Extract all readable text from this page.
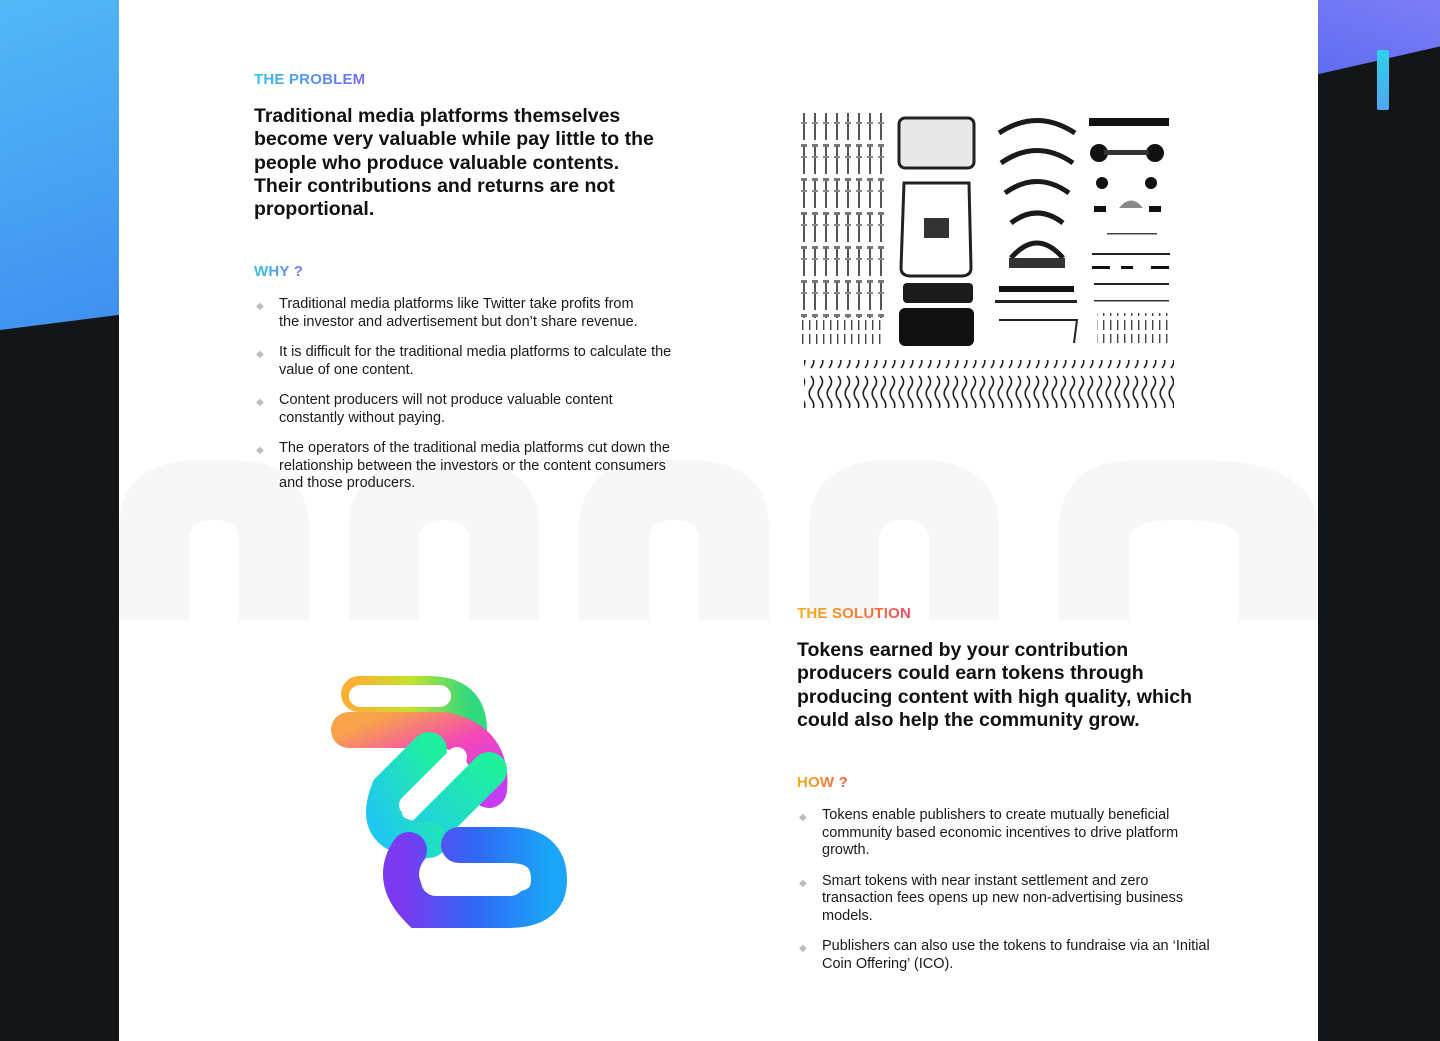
THE PROBLEM
Traditional media platforms themselves become very valuable while pay little to the people who produce valuable contents. Their contributions and returns are not proportional.
WHY ?
◆ Traditional media platforms like Twitter take profits from the investor and advertisement but don’t share revenue.
◆ It is difficult for the traditional media platforms to calculate the value of one content.
◆ Content producers will not produce valuable content constantly without paying.
◆ The operators of the traditional media platforms cut down the relationship between the investors or the content consumers and those producers.
THE SOLUTION
Tokens earned by your contribution producers could earn tokens through producing content with high quality, which could also help the community grow.
HOW ?
◆ Tokens enable publishers to create mutually beneficial community based economic incentives to drive platform growth.
◆ Smart tokens with near instant settlement and zero transaction fees opens up new non-advertising business models.
◆ Publishers can also use the tokens to fundraise via an ‘Initial Coin Offering’ (ICO).
